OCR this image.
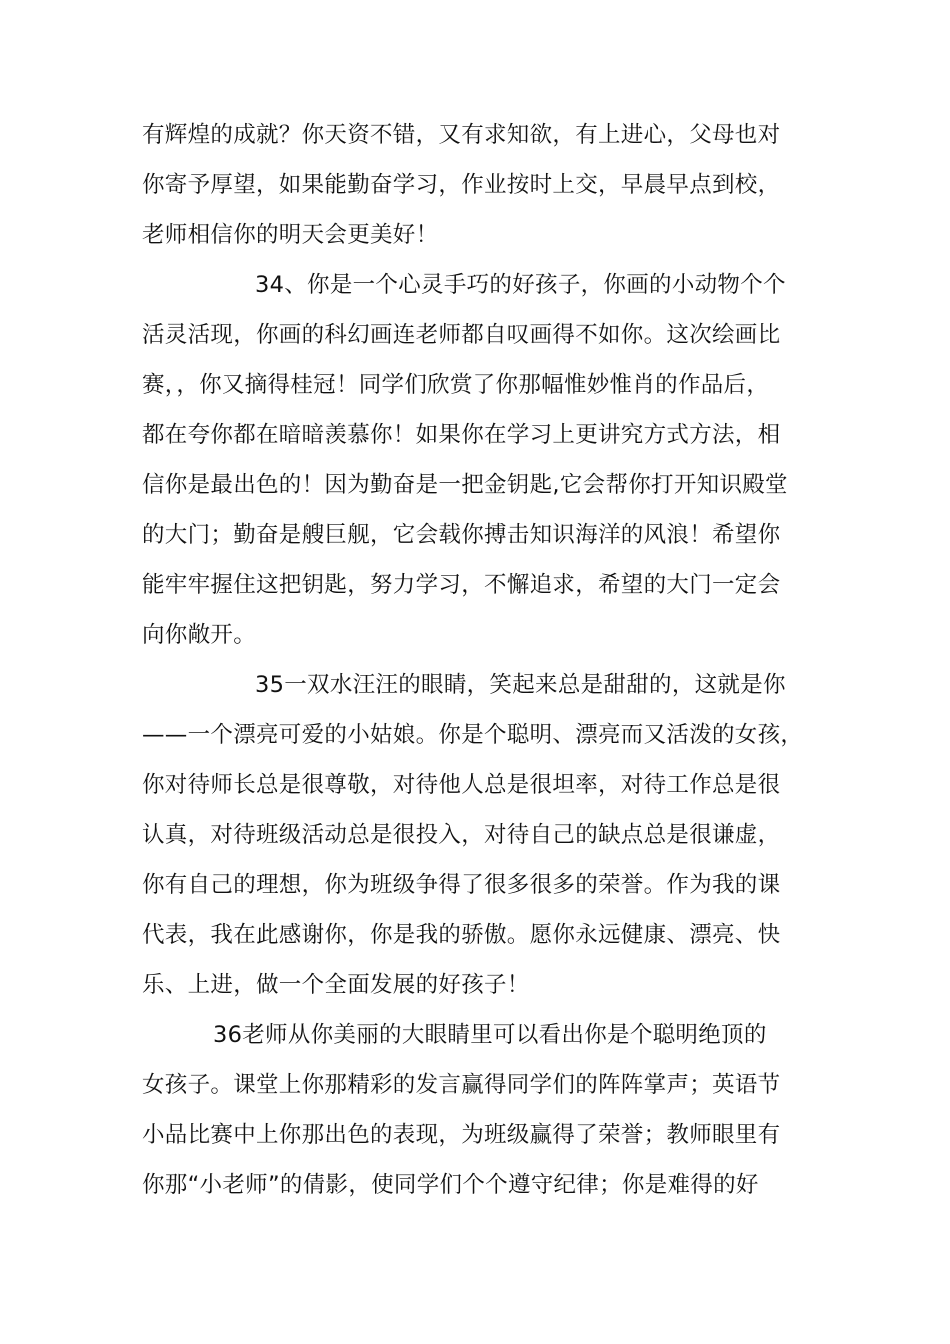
有辉煌的成就？你天资不错，又有求知欲，有上进心，父母也对

你寄予厚望，如果能勤奋学习，作业按时上交，早晨早点到校，

老师相信你的明天会更美好！

34、你是一个心灵手巧的好孩子，你画的小动物个个

活灵活现，你画的科幻画连老师都自叹画得不如你。这次绘画比

赛，，你又摘得桂冠！同学们欣赏了你那幅惟妙惟肖的作品后，

都在夸你都在暗暗羡慕你！如果你在学习上更讲究方式方法，相

信你是最出色的！因为勤奋是一把金钥匙,它会帮你打开知识殿堂

的大门；勤奋是艘巨舰，它会载你搏击知识海洋的风浪！希望你

能牢牢握住这把钥匙，努力学习，不懈追求，希望的大门一定会

向你敞开。

35一双水汪汪的眼睛，笑起来总是甜甜的，这就是你

——一个漂亮可爱的小姑娘。你是个聪明、漂亮而又活泼的女孩，

你对待师长总是很尊敬，对待他人总是很坦率，对待工作总是很

认真，对待班级活动总是很投入，对待自己的缺点总是很谦虚，

你有自己的理想，你为班级争得了很多很多的荣誉。作为我的课

代表，我在此感谢你，你是我的骄傲。愿你永远健康、漂亮、快

乐、上进，做一个全面发展的好孩子！

36老师从你美丽的大眼睛里可以看出你是个聪明绝顶的

女孩子。课堂上你那精彩的发言赢得同学们的阵阵掌声；英语节

小品比赛中上你那出色的表现，为班级赢得了荣誉；教师眼里有

你那“小老师”的倩影，使同学们个个遵守纪律；你是难得的好
